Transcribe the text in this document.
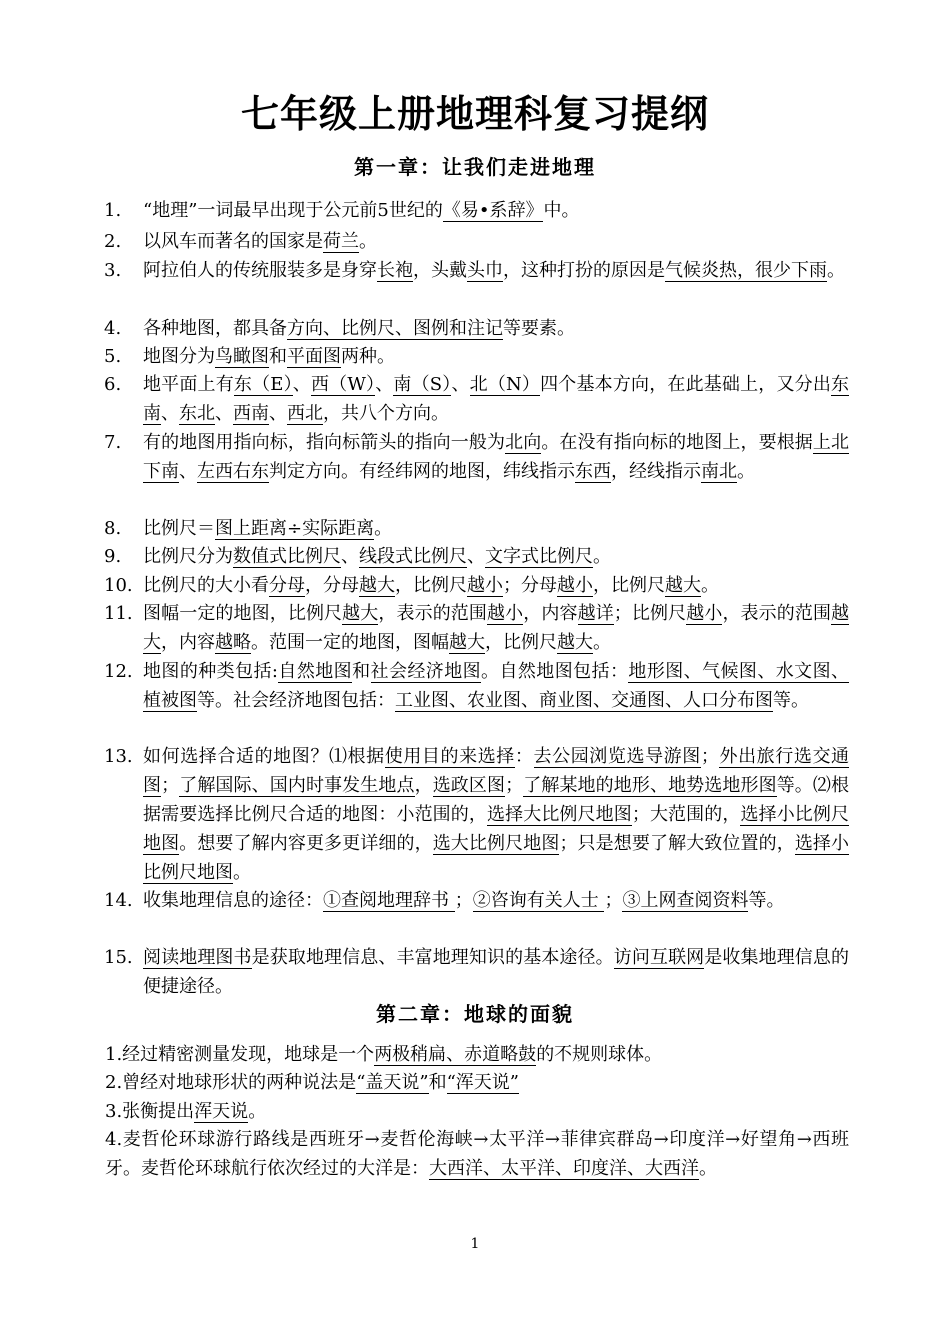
七年级上册地理科复习提纲
第一章：让我们走进地理
1.	“地理”一词最早出现于公元前5世纪的《易•系辞》中。
2.	以风车而著名的国家是荷兰。
3.	阿拉伯人的传统服装多是身穿长袍，头戴头巾，这种打扮的原因是气候炎热，很少下雨。
4.	各种地图，都具备方向、比例尺、图例和注记等要素。
5.	地图分为鸟瞰图和平面图两种。
6.	地平面上有东（E）、西（W）、南（S）、北（N）四个基本方向，在此基础上，又分出东南、东北、西南、西北，共八个方向。
7.	有的地图用指向标，指向标箭头的指向一般为北向。在没有指向标的地图上，要根据上北下南、左西右东判定方向。有经纬网的地图，纬线指示东西，经线指示南北。
8.	比例尺＝图上距离÷实际距离。
9.	比例尺分为数值式比例尺、线段式比例尺、文字式比例尺。
10. 比例尺的大小看分母，分母越大，比例尺越小；分母越小，比例尺越大。
11. 图幅一定的地图，比例尺越大，表示的范围越小，内容越详；比例尺越小，表示的范围越大，内容越略。范围一定的地图，图幅越大，比例尺越大。
12. 地图的种类包括:自然地图和社会经济地图。自然地图包括：地形图、气候图、水文图、植被图等。社会经济地图包括：工业图、农业图、商业图、交通图、人口分布图等。
13. 如何选择合适的地图？⑴根据使用目的来选择：去公园浏览选导游图；外出旅行选交通图；了解国际、国内时事发生地点，选政区图；了解某地的地形、地势选地形图等。⑵根据需要选择比例尺合适的地图：小范围的，选择大比例尺地图；大范围的，选择小比例尺地图。想要了解内容更多更详细的，选大比例尺地图；只是想要了解大致位置的，选择小比例尺地图。
14. 收集地理信息的途径：①查阅地理辞书 ；②咨询有关人士 ；③上网查阅资料等。
15. 阅读地理图书是获取地理信息、丰富地理知识的基本途径。访问互联网是收集地理信息的便捷途径。
第二章：地球的面貌
1.经过精密测量发现，地球是一个两极稍扁、赤道略鼓的不规则球体。
2.曾经对地球形状的两种说法是“盖天说”和“浑天说”
3.张衡提出浑天说。
4.麦哲伦环球游行路线是西班牙→麦哲伦海峡→太平洋→菲律宾群岛→印度洋→好望角→西班牙。麦哲伦环球航行依次经过的大洋是：大西洋、太平洋、印度洋、大西洋。
1
